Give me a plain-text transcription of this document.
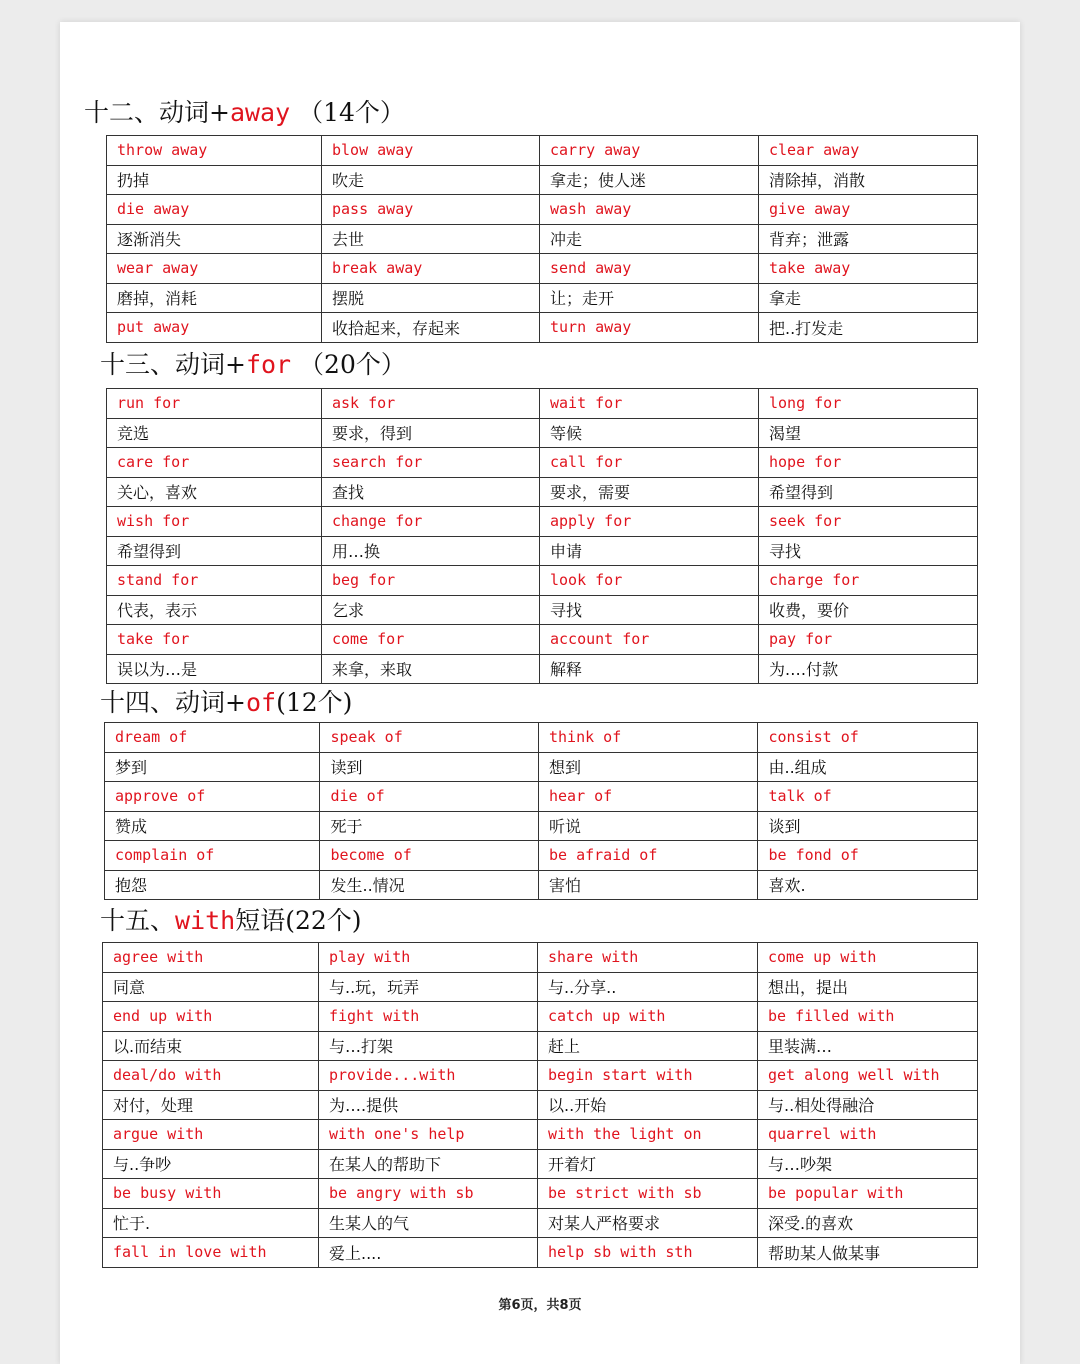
十二、动词+away （14个）
throw away	blow away	carry away	clear away
扔掉	吹走	拿走；使人迷	清除掉，消散
die away	pass away	wash away	give away
逐渐消失	去世	冲走	背弃；泄露
wear away	break away	send away	take away
磨掉，消耗	摆脱	让；走开	拿走
put away	收拾起来，存起来	turn away	把..打发走
十三、动词+for （20个）
run for	ask for	wait for	long for
竞选	要求，得到	等候	渴望
care for	search for	call for	hope for
关心，喜欢	查找	要求，需要	希望得到
wish for	change for	apply for	seek for
希望得到	用…换	申请	寻找
stand for	beg for	look for	charge for
代表，表示	乞求	寻找	收费，要价
take for	come for	account for	pay for
误以为…是	来拿，来取	解释	为.…付款
十四、动词+of(12个)
dream of	speak of	think of	consist of
梦到	读到	想到	由..组成
approve of	die of	hear of	talk of
赞成	死于	听说	谈到
complain of	become of	be afraid of	be fond of
抱怨	发生..情况	害怕	喜欢.
十五、with短语(22个)
agree with	play with	share with	come up with
同意	与..玩，玩弄	与..分享..	想出，提出
end up with	fight with	catch up with	be filled with
以.而结束	与…打架	赶上	里装满…
deal/do with	provide...with	begin start with	get along well with
对付，处理	为….提供	以..开始	与..相处得融洽
argue with	with one's help	with the light on	quarrel with
与..争吵	在某人的帮助下	开着灯	与…吵架
be busy with	be angry with sb	be strict with sb	be popular with
忙于.	生某人的气	对某人严格要求	深受.的喜欢
fall in love with	爱上....	help sb with sth	帮助某人做某事
第6页，共8页
